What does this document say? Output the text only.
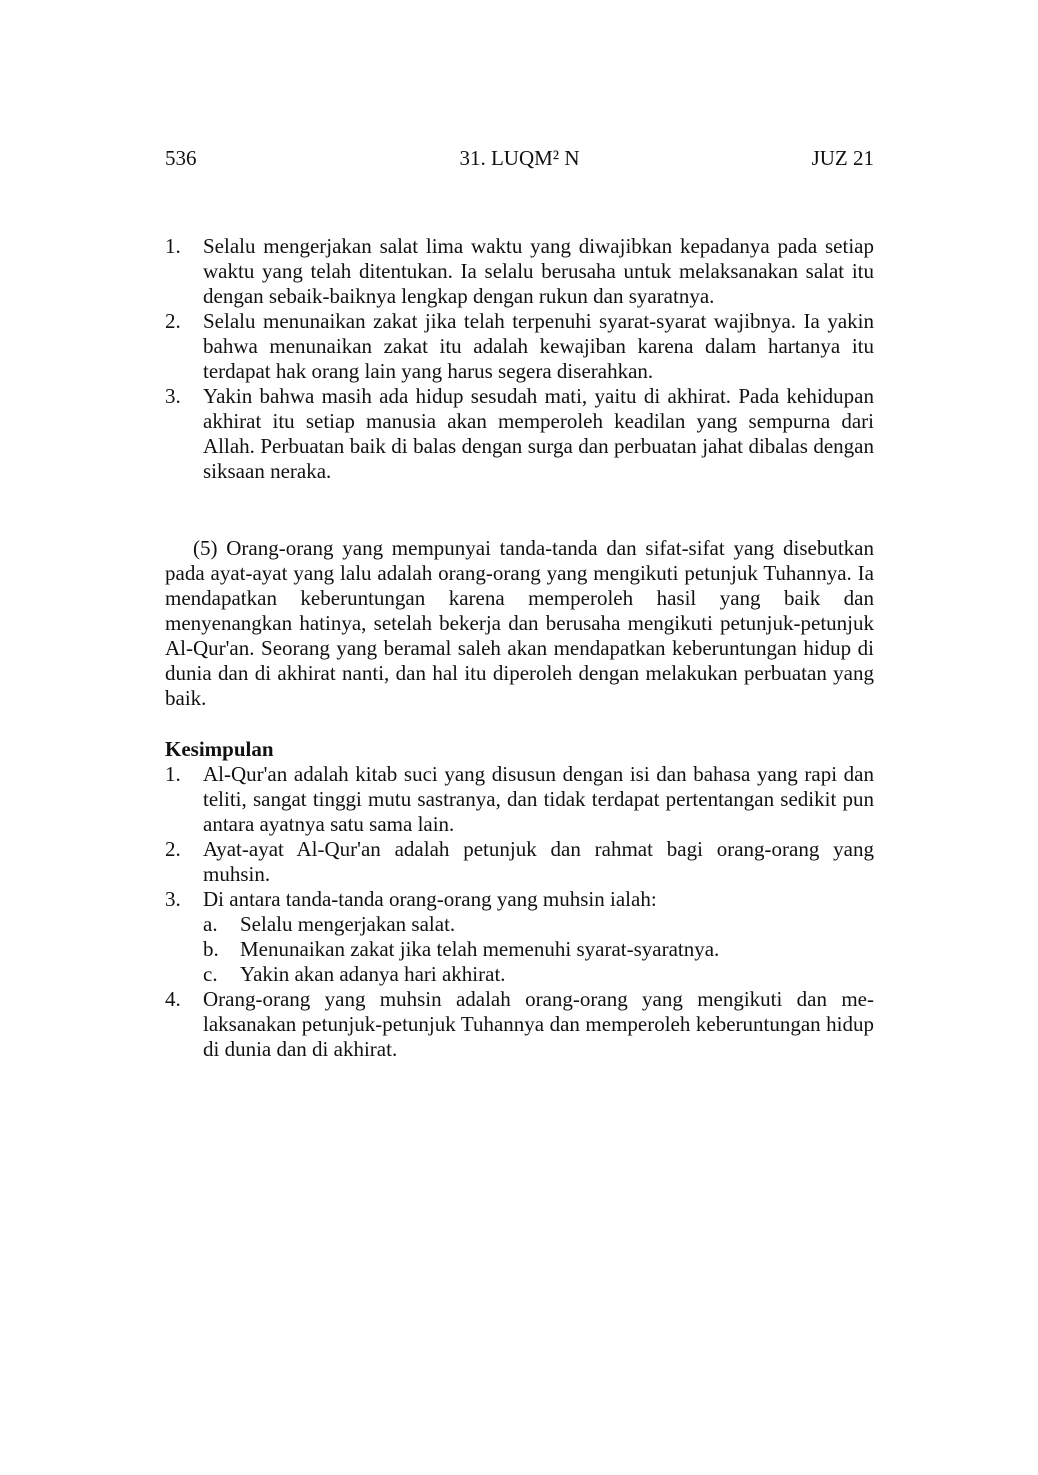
536	31. LUQM² N	JUZ 21
1. Selalu mengerjakan salat lima waktu yang diwajibkan kepadanya pada setiap waktu yang telah ditentukan. Ia selalu berusaha untuk melaksanakan salat itu dengan sebaik-baiknya lengkap dengan rukun dan syaratnya.
2. Selalu menunaikan zakat jika telah terpenuhi syarat-syarat wajibnya. Ia yakin bahwa menunaikan zakat itu adalah kewajiban karena dalam hartanya itu terdapat hak orang lain yang harus segera diserahkan.
3. Yakin bahwa masih ada hidup sesudah mati, yaitu di akhirat. Pada kehidupan akhirat itu setiap manusia akan memperoleh keadilan yang sempurna dari Allah. Perbuatan baik di balas dengan surga dan perbuatan jahat dibalas dengan siksaan neraka.

(5) Orang-orang yang mempunyai tanda-tanda dan sifat-sifat yang disebutkan pada ayat-ayat yang lalu adalah orang-orang yang mengikuti petunjuk Tuhannya. Ia mendapatkan keberuntungan karena memperoleh hasil yang baik dan menyenangkan hatinya, setelah bekerja dan berusaha mengikuti petunjuk-petunjuk Al-Qur'an. Seorang yang beramal saleh akan mendapatkan keberuntungan hidup di dunia dan di akhirat nanti, dan hal itu diperoleh dengan melakukan perbuatan yang baik.

Kesimpulan

1. Al-Qur'an adalah kitab suci yang disusun dengan isi dan bahasa yang rapi dan teliti, sangat tinggi mutu sastranya, dan tidak terdapat pertentangan sedikit pun antara ayatnya satu sama lain.
2. Ayat-ayat Al-Qur'an adalah petunjuk dan rahmat bagi orang-orang yang muhsin.
3. Di antara tanda-tanda orang-orang yang muhsin ialah:
a. Selalu mengerjakan salat.
b. Menunaikan zakat jika telah memenuhi syarat-syaratnya.
c. Yakin akan adanya hari akhirat.
4. Orang-orang yang muhsin adalah orang-orang yang mengikuti dan me-laksanakan petunjuk-petunjuk Tuhannya dan memperoleh keberuntungan hidup di dunia dan di akhirat.
